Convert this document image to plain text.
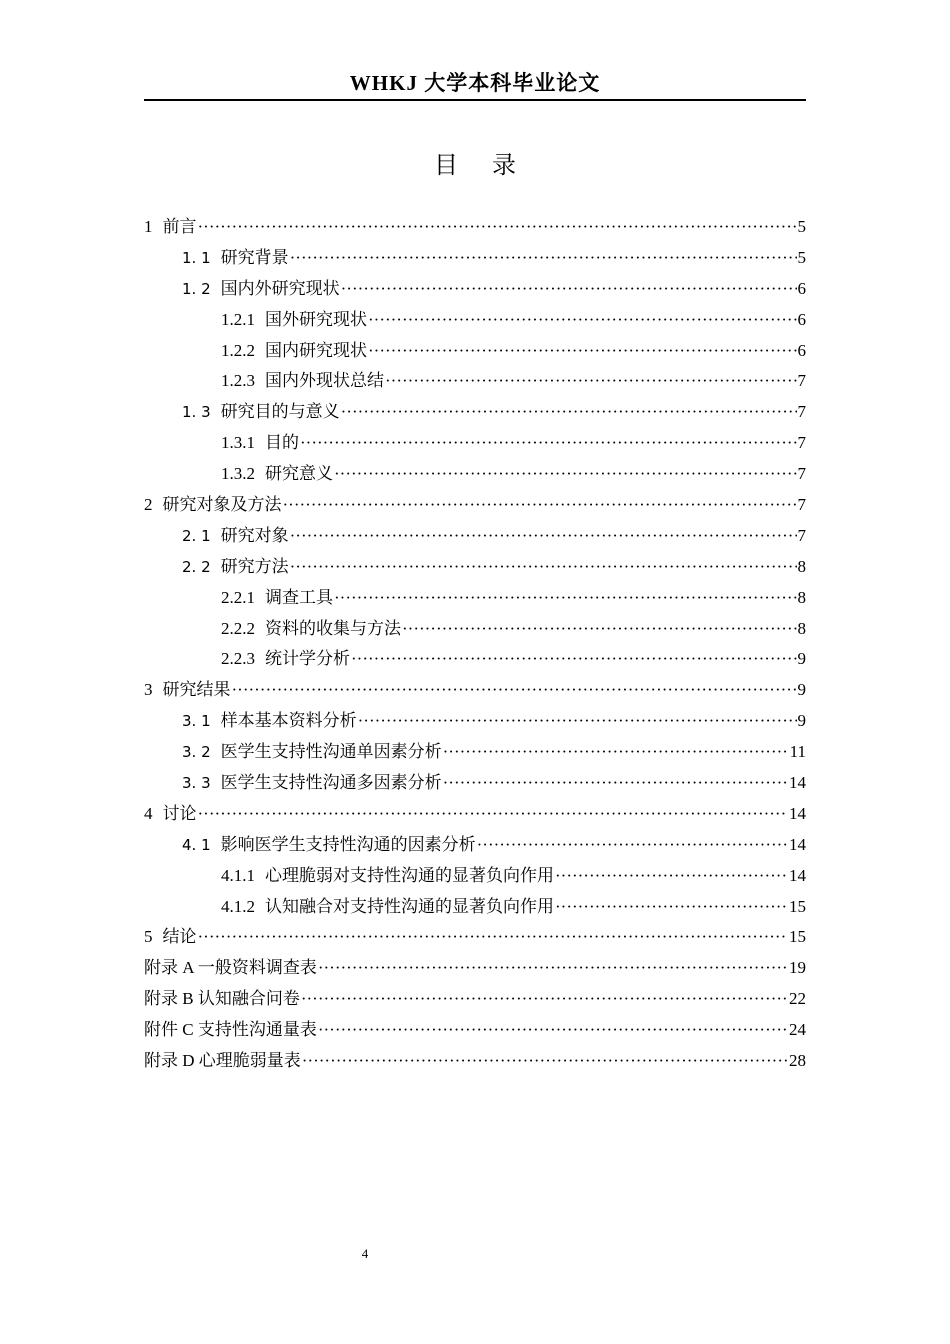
WHKJ 大学本科毕业论文
目 录
1 前言 ·····	5
1. 1 研究背景 ·····	5
1. 2 国内外研究现状 ·····	6
1.2.1 国外研究现状 ·····	6
1.2.2 国内研究现状 ·····	6
1.2.3 国内外现状总结 ·····	7
1. 3 研究目的与意义 ·····	7
1.3.1 目的 ·····	7
1.3.2 研究意义 ·····	7
2 研究对象及方法 ·····	7
2. 1 研究对象 ·····	7
2. 2 研究方法 ·····	8
2.2.1 调查工具 ·····	8
2.2.2 资料的收集与方法 ·····	8
2.2.3 统计学分析 ·····	9
3 研究结果 ·····	9
3. 1 样本基本资料分析 ·····	9
3. 2 医学生支持性沟通单因素分析 ·····	11
3. 3 医学生支持性沟通多因素分析 ·····	14
4 讨论 ·····	14
4. 1 影响医学生支持性沟通的因素分析 ·····	14
4.1.1 心理脆弱对支持性沟通的显著负向作用 ·····	14
4.1.2 认知融合对支持性沟通的显著负向作用 ·····	15
5 结论 ·····	15
附录 A 一般资料调查表 ·····	19
附录 B 认知融合问卷 ·····	22
附件 C 支持性沟通量表 ·····	24
附录 D 心理脆弱量表 ·····	28
4
